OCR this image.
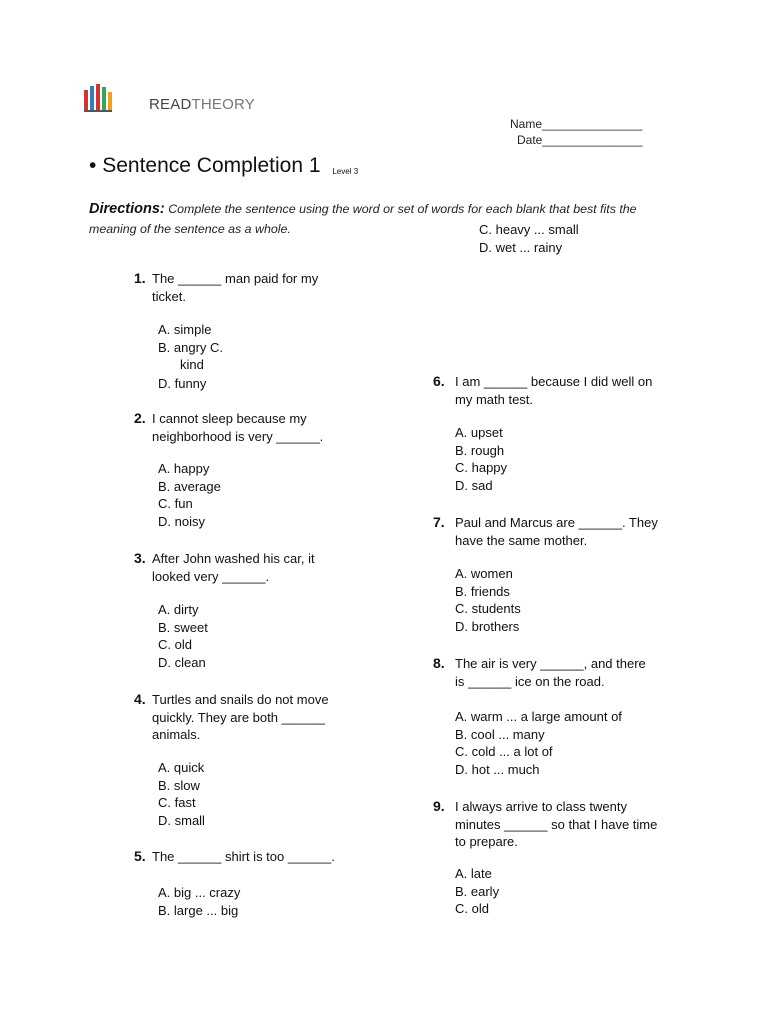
READTHEORY
Name_______________
Date_______________
• Sentence Completion 1 Level 3
Directions: Complete the sentence using the word or set of words for each blank that best fits the meaning of the sentence as a whole.	C. heavy ... small
D. wet ... rainy
1. The ______ man paid for my ticket.
A. simple
B. angry C.
kind
D. funny
2. I cannot sleep because my neighborhood is very ______.
A. happy
B. average
C. fun
D. noisy
3. After John washed his car, it looked very ______.
A. dirty
B. sweet
C. old
D. clean
4. Turtles and snails do not move quickly. They are both ______ animals.
A. quick
B. slow
C. fast
D. small
5. The ______ shirt is too ______.
A. big ... crazy
B. large ... big
6. I am ______ because I did well on my math test.
A. upset
B. rough
C. happy
D. sad
7. Paul and Marcus are ______. They have the same mother.
A. women
B. friends
C. students
D. brothers
8. The air is very ______, and there is ______ ice on the road.
A. warm ... a large amount of
B. cool ... many
C. cold ... a lot of
D. hot ... much
9. I always arrive to class twenty minutes ______ so that I have time to prepare.
A. late
B. early
C. old
